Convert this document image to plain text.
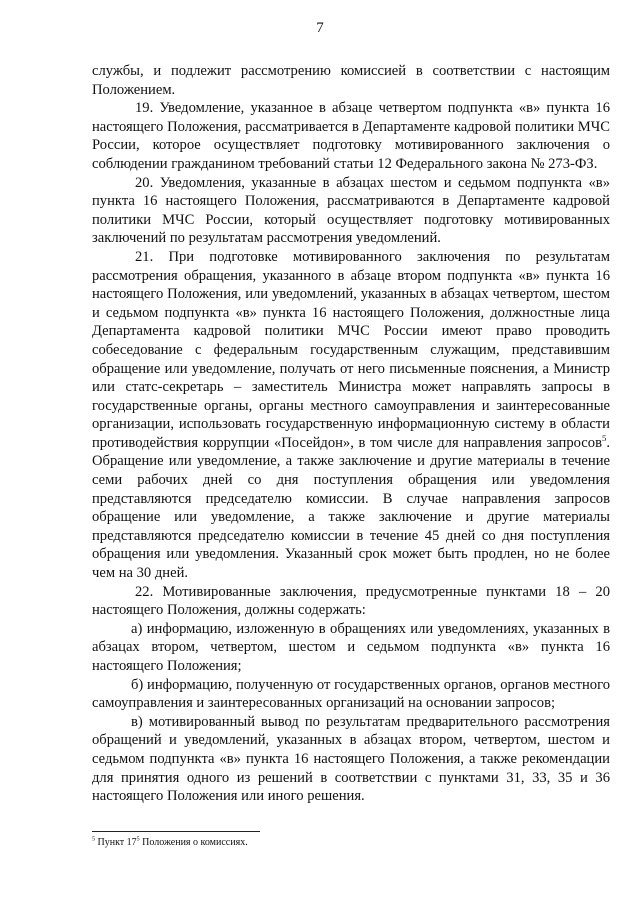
7

службы, и подлежит рассмотрению комиссией в соответствии с настоящим Положением.

19. Уведомление, указанное в абзаце четвертом подпункта «в» пункта 16 настоящего Положения, рассматривается в Департаменте кадровой политики МЧС России, которое осуществляет подготовку мотивированного заключения о соблюдении гражданином требований статьи 12 Федерального закона № 273-ФЗ.

20. Уведомления, указанные в абзацах шестом и седьмом подпункта «в» пункта 16 настоящего Положения, рассматриваются в Департаменте кадровой политики МЧС России, который осуществляет подготовку мотивированных заключений по результатам рассмотрения уведомлений.

21. При подготовке мотивированного заключения по результатам рассмотрения обращения, указанного в абзаце втором подпункта «в» пункта 16 настоящего Положения, или уведомлений, указанных в абзацах четвертом, шестом и седьмом подпункта «в» пункта 16 настоящего Положения, должностные лица Департамента кадровой политики МЧС России имеют право проводить собеседование с федеральным государственным служащим, представившим обращение или уведомление, получать от него письменные пояснения, а Министр или статс-секретарь – заместитель Министра может направлять запросы в государственные органы, органы местного самоуправления и заинтересованные организации, использовать государственную информационную систему в области противодействия коррупции «Посейдон», в том числе для направления запросов$^5$. Обращение или уведомление, а также заключение и другие материалы в течение семи рабочих дней со дня поступления обращения или уведомления представляются председателю комиссии. В случае направления запросов обращение или уведомление, а также заключение и другие материалы представляются председателю комиссии в течение 45 дней со дня поступления обращения или уведомления. Указанный срок может быть продлен, но не более чем на 30 дней.

22. Мотивированные заключения, предусмотренные пунктами 18 – 20 настоящего Положения, должны содержать:

а) информацию, изложенную в обращениях или уведомлениях, указанных в абзацах втором, четвертом, шестом и седьмом подпункта «в» пункта 16 настоящего Положения;

б) информацию, полученную от государственных органов, органов местного самоуправления и заинтересованных организаций на основании запросов;

в) мотивированный вывод по результатам предварительного рассмотрения обращений и уведомлений, указанных в абзацах втором, четвертом, шестом и седьмом подпункта «в» пункта 16 настоящего Положения, а также рекомендации для принятия одного из решений в соответствии с пунктами 31, 33, 35 и 36 настоящего Положения или иного решения.

$^5$ Пункт $17^5$ Положения о комиссиях.
